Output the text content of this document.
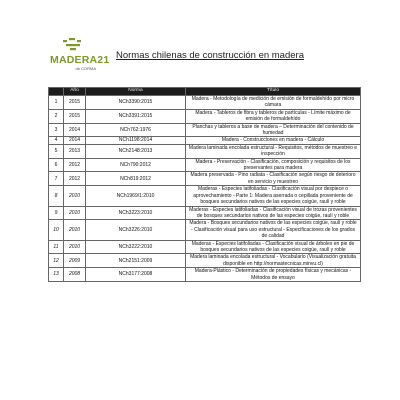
MADERA21
de CORMA
Normas chilenas de construcción en madera
	Año	Norma	Título
1	2015	NCh3390:2015	Madera - Metodología de medición de emisión de formaldehído por micro cámara
2	2015	NCh3391:2015	Madera - Tableros de fibra y tableros de partículas - Límite máximo de emisión de formaldehído
3	2014	NCh762:1976	Planchas y tableros a base de madera – Determinación del contenido de humedad
4	2014	NCh1198:2014	Madera - Construcciones en madera - Cálculo
5	2013	NCh2148:2013	Madera laminada encolada estructural - Requisitos, métodos de muestreo e inspección
6	2012	NCh790:2012	Madera - Preservación - Clasificación, composición y requisitos de los preservantes para madera
7	2012	NCh819:2012	Madera preservada - Pino radiata - Clasificación según riesgo de deterioro en servicio y muestreo
8	2010	NCh1969/1:2010	Maderas - Especies latifoliadas - Clasificación visual por despiece o aprovechamiento - Parte 1: Madera aserrada o cepillada proveniente de bosques secundarios nativos de las especies coigüe, raulí y roble
9	2010	NCh3223:2010	Maderas - Especies latifoliadas - Clasificación visual de trozas provenientes de bosques secundarios nativos de las especies coigüe, raulí y roble
10	2010	NCh3226:2010	Madera - Bosques secundarios nativos de las especies coigüe, raulí y roble - Clasificación visual para uso estructural - Especificaciones de los grados de calidad
11	2010	NCh3222:2010	Maderas - Especies latifoliadas - Clasificación visual de árboles en pie de bosques secundarios nativos de las especies coigüe, raulí y roble
12	2009	NCh2151:2009	Madera laminada encolada estructural - Vocabulario (Visualización gratuita disponible en http://normastecnicas.minvu.cl)
13	2008	NCh3177:2008	Madera-Plástico - Determinación de propiedades físicas y mecánicas - Métodos de ensayo
